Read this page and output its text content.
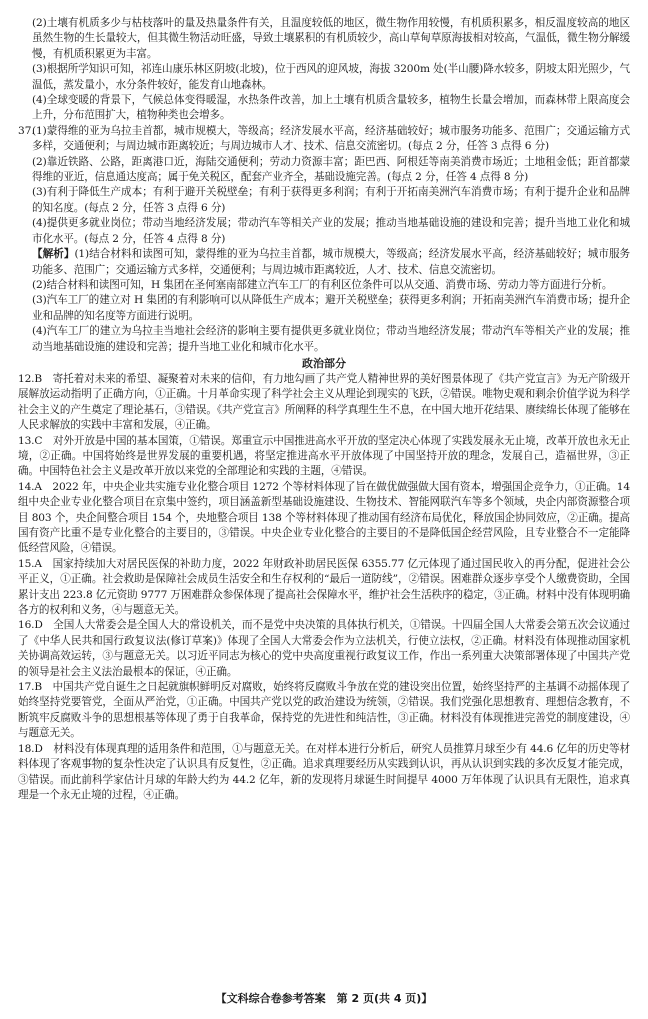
(2)土壤有机质多少与枯枝落叶的量及热量条件有关，且温度较低的地区，微生物作用较慢，有机质积累多，相反温度较高的地区虽然生物的生长量较大，但其微生物活动旺盛，导致土壤累积的有机质较少，高山草甸草原海拔相对较高，气温低，微生物分解缓慢，有机质积累更为丰富。

(3)根据所学知识可知，祁连山康乐林区阴坡(北坡)，位于西风的迎风坡，海拔 3200m 处(半山腰)降水较多，阴坡太阳光照少，气温低，蒸发量小，水分条件较好，能发育山地森林。

(4)全球变暖的背景下，气候总体变得暖湿，水热条件改善，加上土壤有机质含量较多，植物生长量会增加，而森林带上限高度会上升，分布范围扩大，植物种类也会增多。

37.

(1)蒙得维的亚为乌拉圭首都，城市规模大，等级高；经济发展水平高，经济基础较好；城市服务功能多、范围广；交通运输方式多样，交通便利；与周边城市距离较近；与周边城市人才、技术、信息交流密切。(每点 2 分，任答 3 点得 6 分)

(2)靠近铁路、公路，距离港口近，海陆交通便利；劳动力资源丰富；距巴西、阿根廷等南美消费市场近；土地租金低；距首都蒙得维的亚近，信息通达度高；属于免关税区，配套产业齐全，基础设施完善。(每点 2 分，任答 4 点得 8 分)

(3)有利于降低生产成本；有利于避开关税壁垒；有利于获得更多利润；有利于开拓南美洲汽车消费市场；有利于提升企业和品牌的知名度。(每点 2 分，任答 3 点得 6 分)

(4)提供更多就业岗位；带动当地经济发展；带动汽车等相关产业的发展；推动当地基础设施的建设和完善；提升当地工业化和城市化水平。(每点 2 分，任答 4 点得 8 分)

【解析】(1)结合材料和读图可知，蒙得维的亚为乌拉圭首都，城市规模大，等级高；经济发展水平高，经济基础较好；城市服务功能多、范围广；交通运输方式多样，交通便利；与周边城市距离较近，人才、技术、信息交流密切。

(2)结合材料和读图可知，H 集团在圣何塞南部建立汽车工厂的有利区位条件可以从交通、消费市场、劳动力等方面进行分析。

(3)汽车工厂的建立对 H 集团的有利影响可以从降低生产成本；避开关税壁垒；获得更多利润；开拓南美洲汽车消费市场；提升企业和品牌的知名度等方面进行说明。

(4)汽车工厂的建立为乌拉圭当地社会经济的影响主要有提供更多就业岗位；带动当地经济发展；带动汽车等相关产业的发展；推动当地基础设施的建设和完善；提升当地工业化和城市化水平。

政治部分

12.B　寄托着对未来的希望、凝聚着对未来的信仰，有力地勾画了共产党人精神世界的美好图景体现了《共产党宣言》为无产阶级开展解放运动指明了正确方向，①正确。十月革命实现了科学社会主义从理论到现实的飞跃，②错误。唯物史观和剩余价值学说为科学社会主义的产生奠定了理论基石，③错误。《共产党宣言》所阐释的科学真理生生不息，在中国大地开花结果、赓续绵长体现了能够在人民求解放的实践中丰富和发展，④正确。

13.C　对外开放是中国的基本国策，①错误。郑重宣示中国推进高水平开放的坚定决心体现了实践发展永无止境，改革开放也永无止境，②正确。中国将始终是世界发展的重要机遇，将坚定推进高水平开放体现了中国坚持开放的理念，发展自己，造福世界，③正确。中国特色社会主义是改革开放以来党的全部理论和实践的主题，④错误。

14.A　2022 年，中央企业共实施专业化整合项目 1272 个等材料体现了旨在做优做强做大国有资本，增强国企竞争力，①正确。14 组中央企业专业化整合项目在京集中签约，项目涵盖新型基础设施建设、生物技术、智能网联汽车等多个领域，央企内部资源整合项目 803 个，央企间整合项目 154 个，央地整合项目 138 个等材料体现了推动国有经济布局优化，释放国企协同效应，②正确。提高国有资产比重不是专业化整合的主要目的，③错误。中央企业专业化整合的主要目的不是降低国企经营风险，且专业整合不一定能降低经营风险，④错误。

15.A　国家持续加大对居民医保的补助力度，2022 年财政补助居民医保 6355.77 亿元体现了通过国民收入的再分配，促进社会公平正义，①正确。社会救助是保障社会成员生活安全和生存权利的“最后一道防线”，②错误。困难群众逐步享受个人缴费资助，全国累计支出 223.8 亿元资助 9777 万困难群众参保体现了提高社会保障水平，维护社会生活秩序的稳定，③正确。材料中没有体现明确各方的权利和义务，④与题意无关。

16.D　全国人大常委会是全国人大的常设机关，而不是党中央决策的具体执行机关，①错误。十四届全国人大常委会第五次会议通过了《中华人民共和国行政复议法(修订草案)》体现了全国人大常委会作为立法机关，行使立法权，②正确。材料没有体现推动国家机关协调高效运转，③与题意无关。以习近平同志为核心的党中央高度重视行政复议工作，作出一系列重大决策部署体现了中国共产党的领导是社会主义法治最根本的保证，④正确。

17.B　中国共产党自诞生之日起就旗帜鲜明反对腐败，始终将反腐败斗争放在党的建设突出位置，始终坚持严的主基调不动摇体现了始终坚持党要管党，全面从严治党，①正确。中国共产党以党的政治建设为统领，②错误。我们党强化思想教育、理想信念教育，不断筑牢反腐败斗争的思想根基等体现了勇于自我革命，保持党的先进性和纯洁性，③正确。材料没有体现推进完善党的制度建设，④与题意无关。

18.D　材料没有体现真理的适用条件和范围，①与题意无关。在对样本进行分析后，研究人员推算月球至少有 44.6 亿年的历史等材料体现了客观事物的复杂性决定了认识具有反复性，②正确。追求真理要经历从实践到认识，再从认识到实践的多次反复才能完成，③错误。而此前科学家估计月球的年龄大约为 44.2 亿年，新的发现将月球诞生时间提早 4000 万年体现了认识具有无限性，追求真理是一个永无止境的过程，④正确。

【文科综合卷参考答案　第 2 页(共 4 页)】
